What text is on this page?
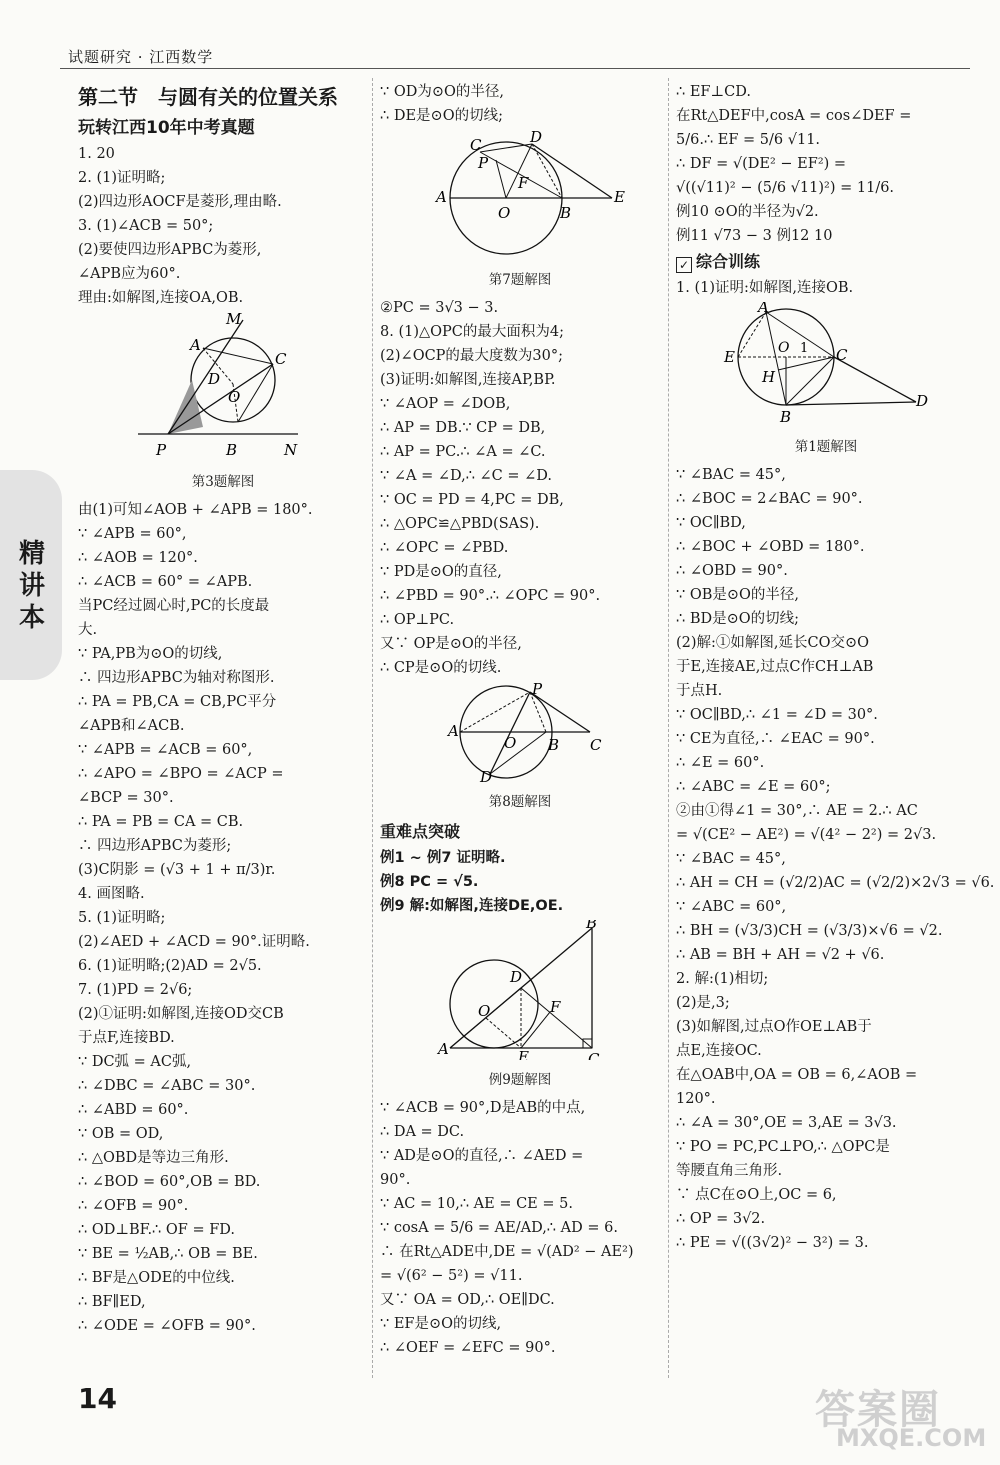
试题研究 · 江西数学
精讲本
第二节　与圆有关的位置关系
玩转江西10年中考真题
1. 20
2. (1)证明略;
(2)四边形AOCF是菱形,理由略.
3. (1)∠ACB = 50°;
(2)要使四边形APBC为菱形,
∠APB应为60°.
理由:如解图,连接OA,OB.
M
A
C
D
O
P	B	N
第3题解图
由(1)可知∠AOB + ∠APB = 180°.
∵ ∠APB = 60°,
∴ ∠AOB = 120°.
∴ ∠ACB = 60° = ∠APB.
当PC经过圆心时,PC的长度最
大.
∵ PA,PB为⊙O的切线,
∴ 四边形APBC为轴对称图形.
∴ PA = PB,CA = CB,PC平分
∠APB和∠ACB.
∵ ∠APB = ∠ACB = 60°,
∴ ∠APO = ∠BPO = ∠ACP =
∠BCP = 30°.
∴ PA = PB = CA = CB.
∴ 四边形APBC为菱形;
(3)C阴影 = (√3 + 1 + π/3)r.
4. 画图略.
5. (1)证明略;
(2)∠AED + ∠ACD = 90°.证明略.
6. (1)证明略;(2)AD = 2√5.
7. (1)PD = 2√6;
(2)①证明:如解图,连接OD交CB
于点F,连接BD.
∵ DC弧 = AC弧,
∴ ∠DBC = ∠ABC = 30°.
∴ ∠ABD = 60°.
∵ OB = OD,
∴ △OBD是等边三角形.
∴ ∠BOD = 60°,OB = BD.
∴ ∠OFB = 90°.
∴ OD⊥BF.∴ OF = FD.
∵ BE = ½AB,∴ OB = BE.
∴ BF是△ODE的中位线.
∴ BF∥ED,
∴ ∠ODE = ∠OFB = 90°.
∵ OD为⊙O的半径,
∴ DE是⊙O的切线;
C	D
P
F
A
O	B
E
第7题解图
②PC = 3√3 − 3.
8. (1)△OPC的最大面积为4;
(2)∠OCP的最大度数为30°;
(3)证明:如解图,连接AP,BP.
∵ ∠AOP = ∠DOB,
∴ AP = DB.∵ CP = DB,
∴ AP = PC.∴ ∠A = ∠C.
∵ ∠A = ∠D,∴ ∠C = ∠D.
∵ OC = PD = 4,PC = DB,
∴ △OPC≌△PBD(SAS).
∴ ∠OPC = ∠PBD.
∵ PD是⊙O的直径,
∴ ∠PBD = 90°.∴ ∠OPC = 90°.
∴ OP⊥PC.
又∵ OP是⊙O的半径,
∴ CP是⊙O的切线.
P
A
O B C
D
第8题解图
重难点突破
例1 ~ 例7 证明略.
例8 PC = √5.
例9 解:如解图,连接DE,OE.
B
D
O	F
A	E	C
例9题解图
∵ ∠ACB = 90°,D是AB的中点,
∴ DA = DC.
∵ AD是⊙O的直径,∴ ∠AED =
90°.
∵ AC = 10,∴ AE = CE = 5.
∵ cosA = 5/6 = AE/AD,∴ AD = 6.
∴ 在Rt△ADE中,DE = √(AD² − AE²)
= √(6² − 5²) = √11.
又∵ OA = OD,∴ OE∥DC.
∵ EF是⊙O的切线,
∴ ∠OEF = ∠EFC = 90°.
∴ EF⊥CD.
在Rt△DEF中,cosA = cos∠DEF =
5/6.∴ EF = 5/6 √11.
∴ DF = √(DE² − EF²) =
√((√11)² − (5/6 √11)²) = 11/6.
例10 ⊙O的半径为√2.
例11 √73 − 3 例12 10
✓ 综合训练
1. (1)证明:如解图,连接OB.
A
E	O 1 C
H
B
D
第1题解图
∵ ∠BAC = 45°,
∴ ∠BOC = 2∠BAC = 90°.
∵ OC∥BD,
∴ ∠BOC + ∠OBD = 180°.
∴ ∠OBD = 90°.
∵ OB是⊙O的半径,
∴ BD是⊙O的切线;
(2)解:①如解图,延长CO交⊙O
于E,连接AE,过点C作CH⊥AB
于点H.
∵ OC∥BD,∴ ∠1 = ∠D = 30°.
∵ CE为直径,∴ ∠EAC = 90°.
∴ ∠E = 60°.
∴ ∠ABC = ∠E = 60°;
②由①得∠1 = 30°,∴ AE = 2.∴ AC
= √(CE² − AE²) = √(4² − 2²) = 2√3.
∵ ∠BAC = 45°,
∴ AH = CH = (√2/2)AC = (√2/2)×2√3 = √6.
∵ ∠ABC = 60°,
∴ BH = (√3/3)CH = (√3/3)×√6 = √2.
∴ AB = BH + AH = √2 + √6.
2. 解:(1)相切;
(2)是,3;
(3)如解图,过点O作OE⊥AB于
点E,连接OC.
在△OAB中,OA = OB = 6,∠AOB =
120°.
∴ ∠A = 30°,OE = 3,AE = 3√3.
∵ PO = PC,PC⊥PO,∴ △OPC是
等腰直角三角形.
∵ 点C在⊙O上,OC = 6,
∴ OP = 3√2.
∴ PE = √((3√2)² − 3²) = 3.
14	答案圈
MXQE.COM
